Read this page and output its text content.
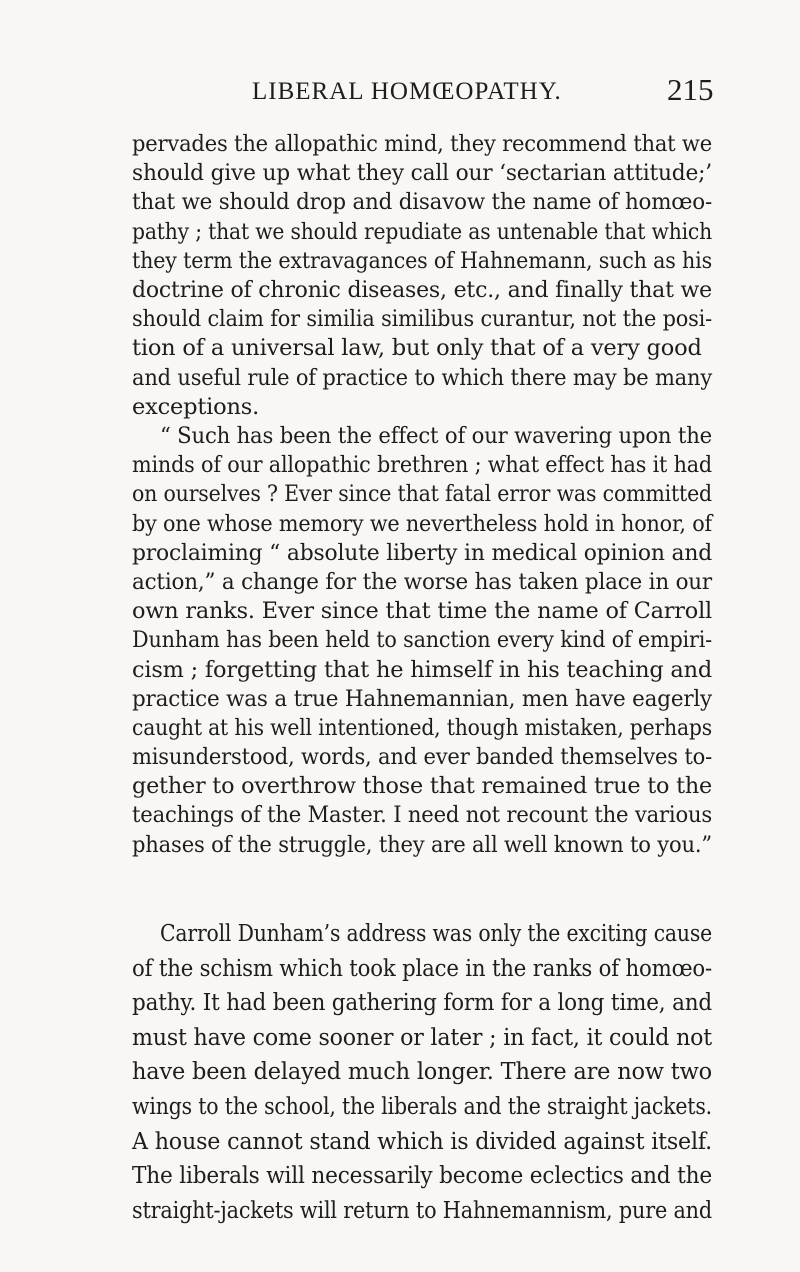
LIBERAL HOMŒOPATHY.	215
pervades the allopathic mind, they recommend that we
should give up what they call our ‘sectarian attitude;’
that we should drop and disavow the name of homœo-
pathy ; that we should repudiate as untenable that which
they term the extravagances of Hahnemann, such as his
doctrine of chronic diseases, etc., and finally that we
should claim for similia similibus curantur, not the posi-
tion of a universal law, but only that of a very good
and useful rule of practice to which there may be many
exceptions.
“ Such has been the effect of our wavering upon the
minds of our allopathic brethren ; what effect has it had
on ourselves ? Ever since that fatal error was committed
by one whose memory we nevertheless hold in honor, of
proclaiming “ absolute liberty in medical opinion and
action,” a change for the worse has taken place in our
own ranks. Ever since that time the name of Carroll
Dunham has been held to sanction every kind of empiri-
cism ; forgetting that he himself in his teaching and
practice was a true Hahnemannian, men have eagerly
caught at his well intentioned, though mistaken, perhaps
misunderstood, words, and ever banded themselves to-
gether to overthrow those that remained true to the
teachings of the Master. I need not recount the various
phases of the struggle, they are all well known to you.”
Carroll Dunham’s address was only the exciting cause
of the schism which took place in the ranks of homœo-
pathy. It had been gathering form for a long time, and
must have come sooner or later ; in fact, it could not
have been delayed much longer. There are now two
wings to the school, the liberals and the straight jackets.
A house cannot stand which is divided against itself.
The liberals will necessarily become eclectics and the
straight-jackets will return to Hahnemannism, pure and
